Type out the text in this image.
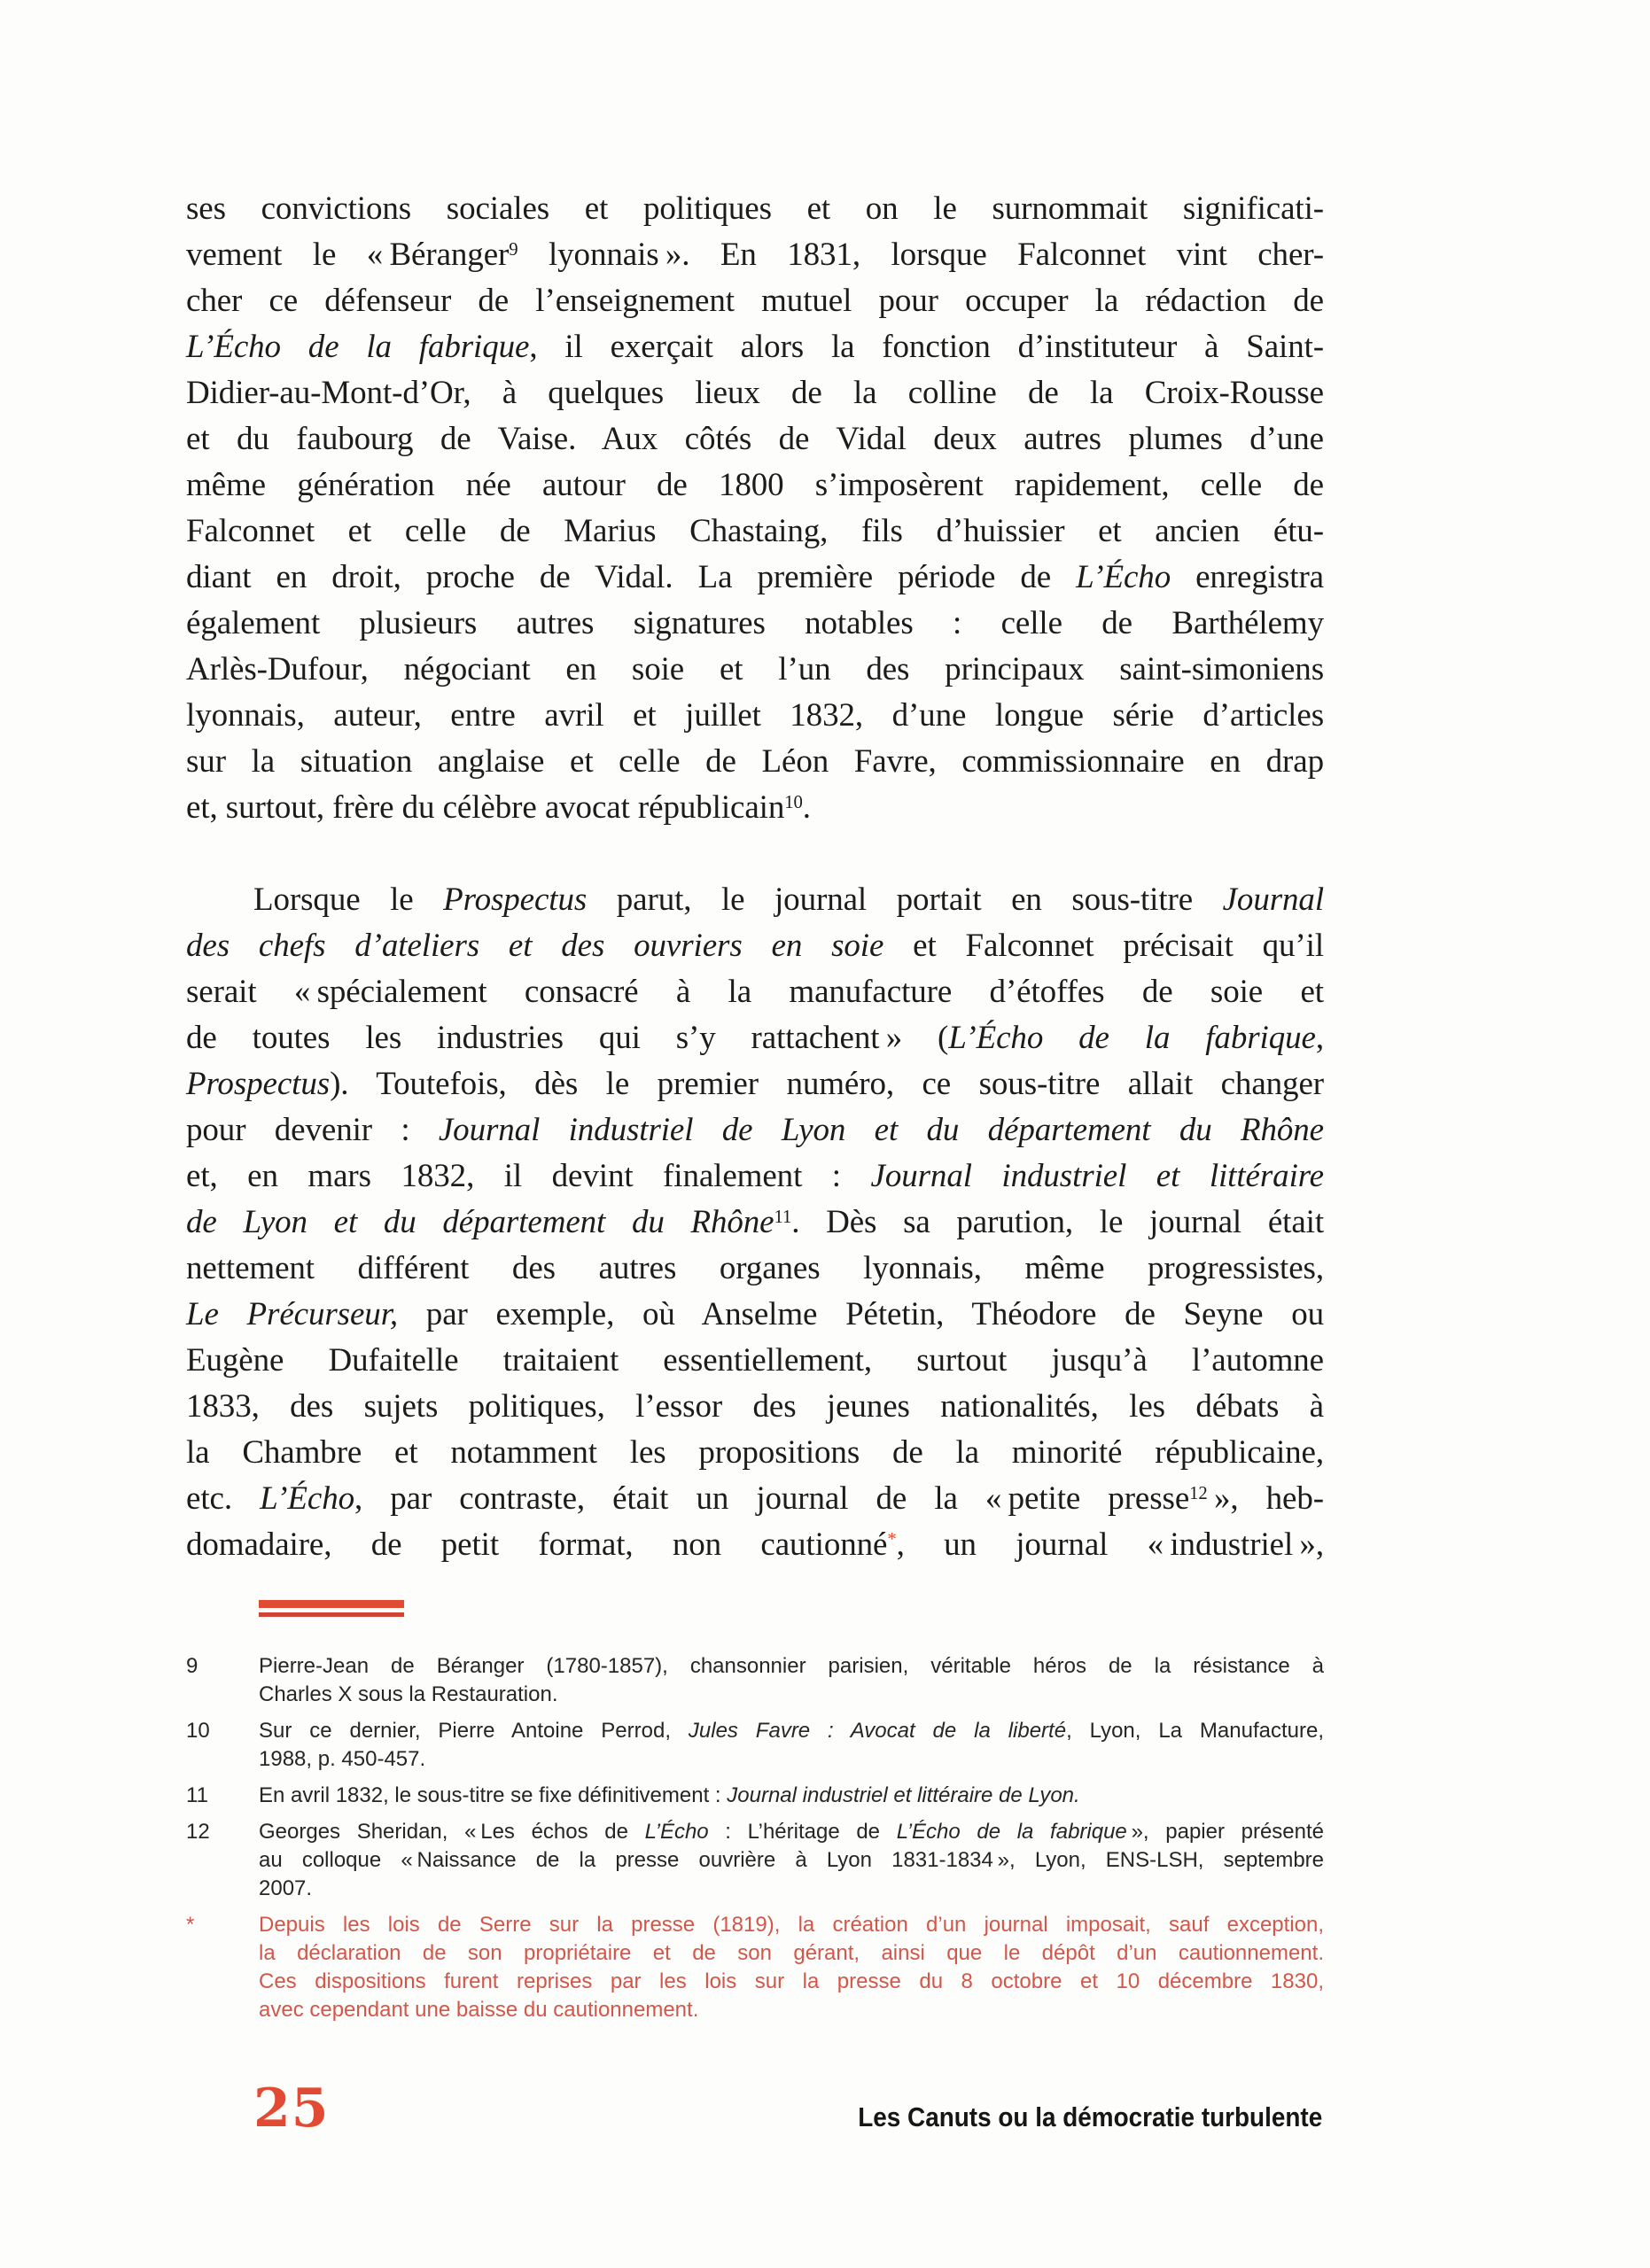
ses convictions sociales et politiques et on le surnommait significati-
vement le « Béranger$^9$ lyonnais ». En 1831, lorsque Falconnet vint cher-
cher ce défenseur de l’enseignement mutuel pour occuper la rédaction de
L’Écho de la fabrique, il exerçait alors la fonction d’instituteur à Saint-
Didier-au-Mont-d’Or, à quelques lieux de la colline de la Croix-Rousse
et du faubourg de Vaise. Aux côtés de Vidal deux autres plumes d’une
même génération née autour de 1800 s’imposèrent rapidement, celle de
Falconnet et celle de Marius Chastaing, fils d’huissier et ancien étu-
diant en droit, proche de Vidal. La première période de L’Écho enregistra
également plusieurs autres signatures notables : celle de Barthélemy
Arlès-Dufour, négociant en soie et l’un des principaux saint-simoniens
lyonnais, auteur, entre avril et juillet 1832, d’une longue série d’articles
sur la situation anglaise et celle de Léon Favre, commissionnaire en drap
et, surtout, frère du célèbre avocat républicain$^{10}$.
Lorsque le Prospectus parut, le journal portait en sous-titre Journal
des chefs d’ateliers et des ouvriers en soie et Falconnet précisait qu’il
serait « spécialement consacré à la manufacture d’étoffes de soie et
de toutes les industries qui s’y rattachent » (L’Écho de la fabrique,
Prospectus). Toutefois, dès le premier numéro, ce sous-titre allait changer
pour devenir : Journal industriel de Lyon et du département du Rhône
et, en mars 1832, il devint finalement : Journal industriel et littéraire
de Lyon et du département du Rhône$^{11}$. Dès sa parution, le journal était
nettement différent des autres organes lyonnais, même progressistes,
Le Précurseur, par exemple, où Anselme Pétetin, Théodore de Seyne ou
Eugène Dufaitelle traitaient essentiellement, surtout jusqu’à l’automne
1833, des sujets politiques, l’essor des jeunes nationalités, les débats à
la Chambre et notamment les propositions de la minorité républicaine,
etc. L’Écho, par contraste, était un journal de la « petite presse$^{12}$ », heb-
domadaire, de petit format, non cautionné*, un journal « industriel »,
9	Pierre-Jean de Béranger (1780-1857), chansonnier parisien, véritable héros de la résistance à
Charles X sous la Restauration.
10 Sur ce dernier, Pierre Antoine Perrod, Jules Favre : Avocat de la liberté, Lyon, La Manufacture,
1988, p. 450-457.
11 En avril 1832, le sous-titre se fixe définitivement : Journal industriel et littéraire de Lyon.
12 Georges Sheridan, « Les échos de L’Écho : L’héritage de L’Écho de la fabrique », papier présenté
au colloque « Naissance de la presse ouvrière à Lyon 1831-1834 », Lyon, ENS-LSH, septembre
2007.
*	Depuis les lois de Serre sur la presse (1819), la création d’un journal imposait, sauf exception,
la déclaration de son propriétaire et de son gérant, ainsi que le dépôt d’un cautionnement.
Ces dispositions furent reprises par les lois sur la presse du 8 octobre et 10 décembre 1830,
avec cependant une baisse du cautionnement.
25	Les Canuts ou la démocratie turbulente
